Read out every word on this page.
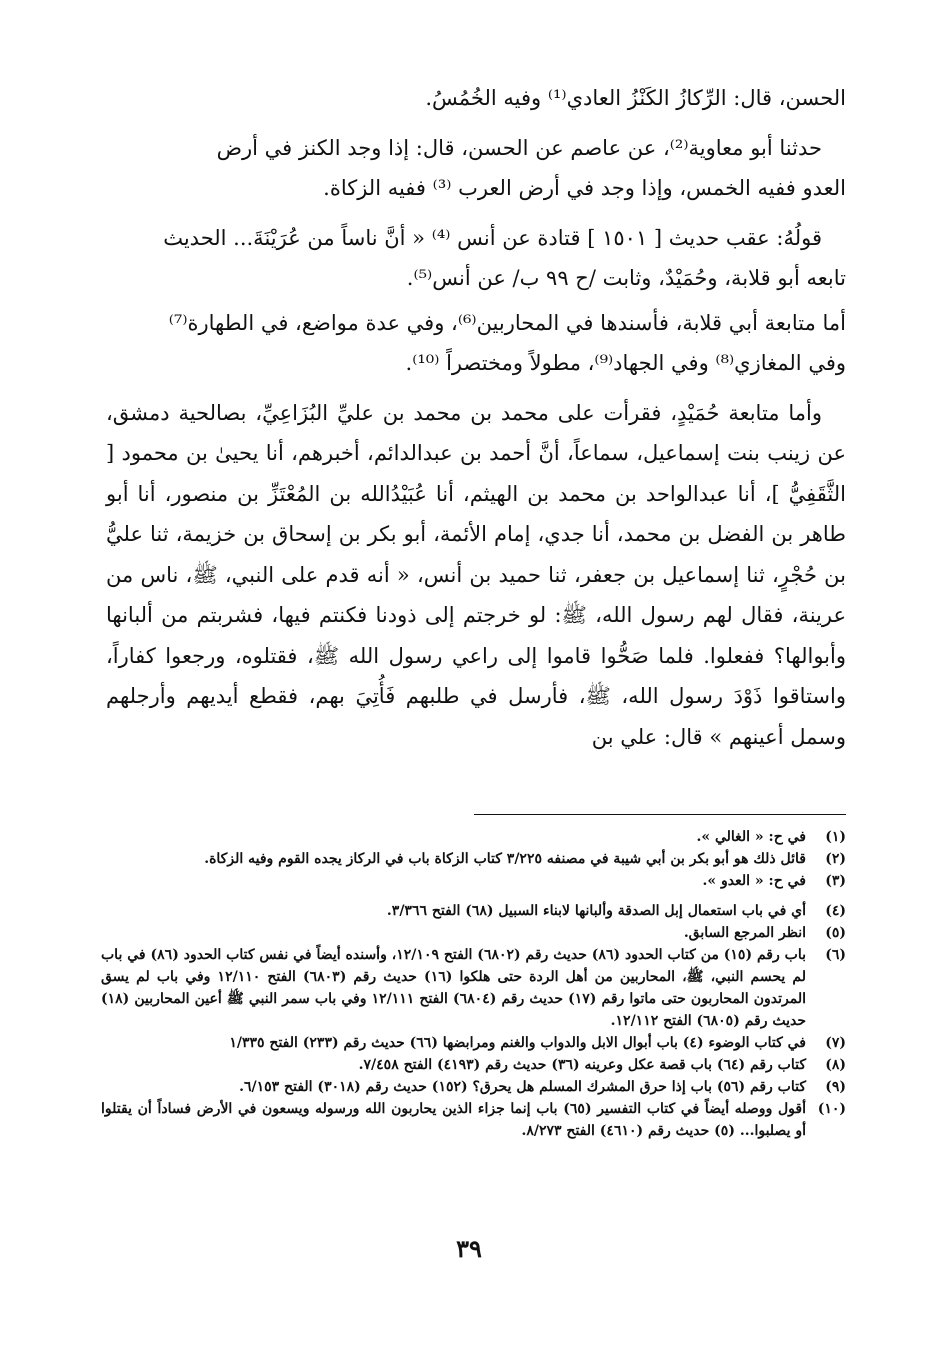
الحسن، قال: الرِّكازُ الكَنْزُ العادي⁽¹⁾ وفيه الخُمُسُ.

حدثنا أبو معاوية⁽²⁾، عن عاصم عن الحسن، قال: إذا وجد الكنز في أرض
العدو ففيه الخمس، وإذا وجد في أرض العرب ⁽³⁾ ففيه الزكاة.

قولُهُ: عقب حديث [ ١٥٠١ ] قتادة عن أنس ⁽⁴⁾ « أنَّ ناساً من عُرَيْنَةَ... الحديث
تابعه أبو قلابة، وحُمَيْدٌ، وثابت /ح ٩٩ ب/ عن أنس⁽⁵⁾.

أما متابعة أبي قلابة، فأسندها في المحاربين⁽⁶⁾، وفي عدة مواضع، في الطهارة⁽⁷⁾
وفي المغازي⁽⁸⁾ وفي الجهاد⁽⁹⁾، مطولاً ومختصراً ⁽¹⁰⁾.

وأما متابعة حُمَيْدٍ، فقرأت على محمد بن محمد بن عليِّ البُزَاعِيِّ، بصالحية دمشق، عن زينب بنت إسماعيل، سماعاً، أنَّ أحمد بن عبدالدائم، أخبرهم، أنا يحيىٰ بن محمود [ الثَّقَفِيُّ ]، أنا عبدالواحد بن محمد بن الهيثم، أنا عُبَيْدُالله بن المُعْتَزِّ بن منصور، أنا أبو طاهر بن الفضل بن محمد، أنا جدي، إمام الأئمة، أبو بكر بن إسحاق بن خزيمة، ثنا عليُّ بن حُجْرٍ، ثنا إسماعيل بن جعفر، ثنا حميد بن أنس، « أنه قدم على النبي، ﷺ، ناس من عرينة، فقال لهم رسول الله، ﷺ: لو خرجتم إلى ذودنا فكنتم فيها، فشربتم من ألبانها وأبوالها؟ ففعلوا. فلما صَحُّوا قاموا إلى راعي رسول الله ﷺ، فقتلوه، ورجعوا كفاراً، واستاقوا ذَوْدَ رسول الله، ﷺ، فأرسل في طلبهم فَأُتِيَ بهم، فقطع أيديهم وأرجلهم وسمل أعينهم » قال: علي بن

(١)
في ح: « الغالي ».
(٢)
قائل ذلك هو أبو بكر بن أبي شيبة في مصنفه ٣/٢٢٥ كتاب الزكاة باب في الركاز يجده القوم وفيه الزكاة.
(٣)
في ح: « العدو ».
(٤)
أي في باب استعمال إبل الصدقة وألبانها لابناء السبيل (٦٨) الفتح ٣/٣٦٦.
(٥)
انظر المرجع السابق.
(٦)
باب رقم (١٥) من كتاب الحدود (٨٦) حديث رقم (٦٨٠٢) الفتح ١٢/١٠٩، وأسنده أيضاً في نفس كتاب الحدود (٨٦) في باب لم يحسم النبي، ﷺ، المحاربين من أهل الردة حتى هلكوا (١٦) حديث رقم (٦٨٠٣) الفتح ١٢/١١٠ وفي باب لم يسق المرتدون المحاربون حتى ماتوا رقم (١٧) حديث رقم (٦٨٠٤) الفتح ١٢/١١١ وفي باب سمر النبي ﷺ أعين المحاربين (١٨) حديث رقم (٦٨٠٥) الفتح ١٢/١١٢.
(٧)
في كتاب الوضوء (٤) باب أبوال الابل والدواب والغنم ومرابضها (٦٦) حديث رقم (٢٣٣) الفتح ١/٣٣٥
(٨)
كتاب رقم (٦٤) باب قصة عكل وعرينه (٣٦) حديث رقم (٤١٩٣) الفتح ٧/٤٥٨.
(٩)
كتاب رقم (٥٦) باب إذا حرق المشرك المسلم هل يحرق؟ (١٥٢) حديث رقم (٣٠١٨) الفتح ٦/١٥٣.
(١٠)
أقول ووصله أيضاً في كتاب التفسير (٦٥) باب إنما جزاء الذين يحاربون الله ورسوله ويسعون في الأرض فساداً أن يقتلوا أو يصلبوا... (٥) حديث رقم (٤٦١٠) الفتح ٨/٢٧٣.
٣٩
